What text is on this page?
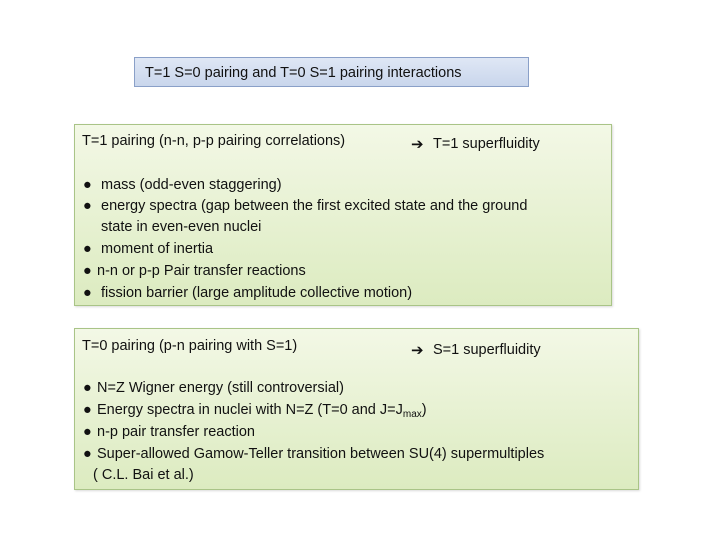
T=1 S=0 pairing and T=0 S=1 pairing interactions
T=1 pairing (n-n, p-p pairing correlations)	➔ T=1 superfluidity
● mass (odd-even staggering)
● energy spectra (gap between the first excited state and the ground
state in even-even nuclei
● moment of inertia
● n-n or p-p Pair transfer reactions
● fission barrier (large amplitude collective motion)
T=0 pairing (p-n pairing with S=1)	➔ S=1 superfluidity
● N=Z Wigner energy (still controversial)
● Energy spectra in nuclei with N=Z (T=0 and $J=J_{max}$)
● n-p pair transfer reaction
● Super-allowed Gamow-Teller transition between SU(4) supermultiples
( C.L. Bai et al.)
